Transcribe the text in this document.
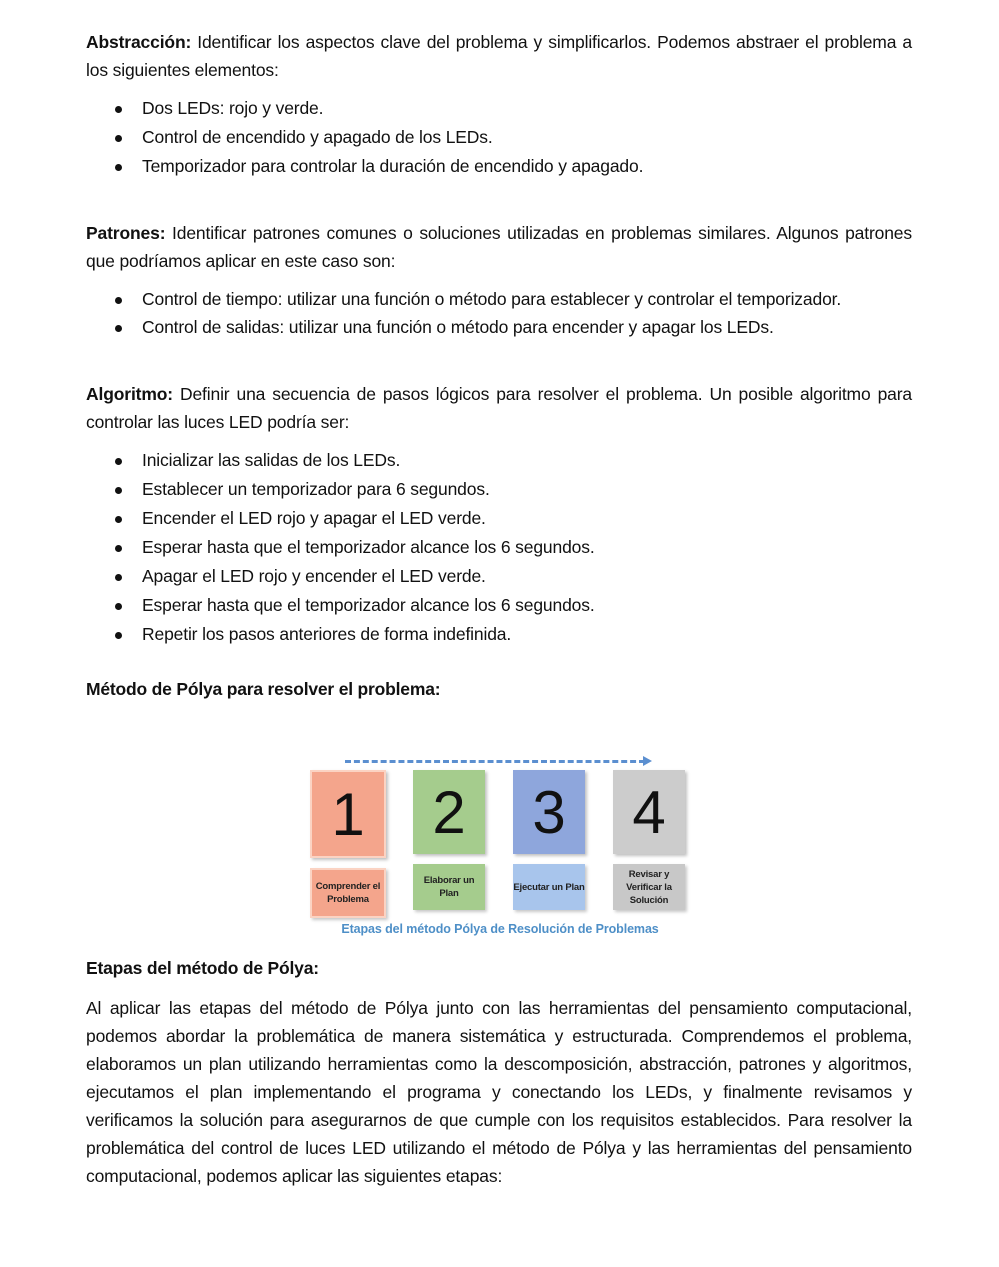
Abstracción: Identificar los aspectos clave del problema y simplificarlos. Podemos abstraer el problema a los siguientes elementos:

Dos LEDs: rojo y verde.
Control de encendido y apagado de los LEDs.
Temporizador para controlar la duración de encendido y apagado.

Patrones: Identificar patrones comunes o soluciones utilizadas en problemas similares. Algunos patrones que podríamos aplicar en este caso son:

Control de tiempo: utilizar una función o método para establecer y controlar el temporizador.
Control de salidas: utilizar una función o método para encender y apagar los LEDs.

Algoritmo: Definir una secuencia de pasos lógicos para resolver el problema. Un posible algoritmo para controlar las luces LED podría ser:

Inicializar las salidas de los LEDs.
Establecer un temporizador para 6 segundos.
Encender el LED rojo y apagar el LED verde.
Esperar hasta que el temporizador alcance los 6 segundos.
Apagar el LED rojo y encender el LED verde.
Esperar hasta que el temporizador alcance los 6 segundos.
Repetir los pasos anteriores de forma indefinida.

Método de Pólya para resolver el problema:

1
Comprender el Problema
2
Elaborar un Plan
3
Ejecutar un Plan
4
Revisar y Verificar la Solución
Etapas del método Pólya de Resolución de Problemas

Etapas del método de Pólya:

Al aplicar las etapas del método de Pólya junto con las herramientas del pensamiento computacional, podemos abordar la problemática de manera sistemática y estructurada. Comprendemos el problema, elaboramos un plan utilizando herramientas como la descomposición, abstracción, patrones y algoritmos, ejecutamos el plan implementando el programa y conectando los LEDs, y finalmente revisamos y verificamos la solución para asegurarnos de que cumple con los requisitos establecidos. Para resolver la problemática del control de luces LED utilizando el método de Pólya y las herramientas del pensamiento computacional, podemos aplicar las siguientes etapas:
